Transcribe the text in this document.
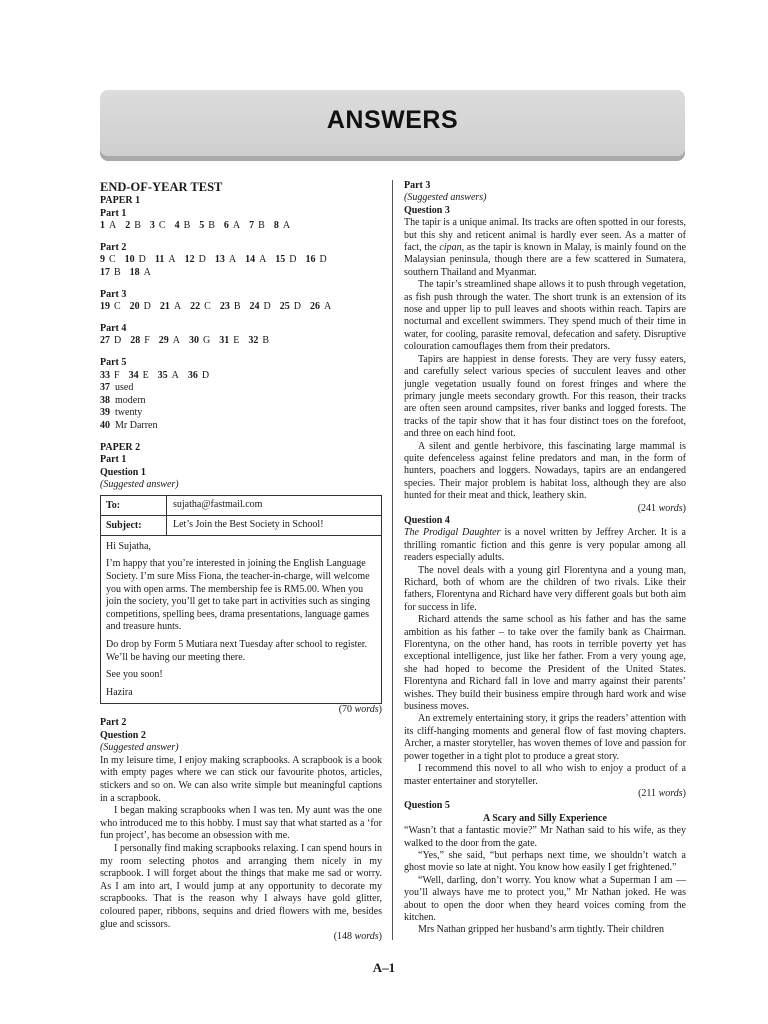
ANSWERS
END-OF-YEAR TEST
PAPER 1
Part 1
1 A 2 B 3 C 4 B 5 B 6 A 7 B 8 A
Part 2
9 C 10 D 11 A 12 D 13 A 14 A 15 D 16 D
17 B 18 A
Part 3
19 C 20 D 21 A 22 C 23 B 24 D 25 D 26 A
Part 4
27 D 28 F 29 A 30 G 31 E 32 B
Part 5
33 F 34 E 35 A 36 D
37 used
38 modern
39 twenty
40 Mr Darren
PAPER 2
Part 1
Question 1
(Suggested answer)
To:	sujatha@fastmail.com
Subject:	Let’s Join the Best Society in School!

Hi Sujatha,

I’m happy that you’re interested in joining the English Language Society. I’m sure Miss Fiona, the teacher-in-charge, will welcome you with open arms. The membership fee is RM5.00. When you join the society, you’ll get to take part in activities such as singing competitions, spelling bees, drama presentations, language games and treasure hunts.

Do drop by Form 5 Mutiara next Tuesday after school to register. We’ll be having our meeting there.

See you soon!

Hazira

(70 words)
Part 2
Question 2
(Suggested answer)

In my leisure time, I enjoy making scrapbooks. A scrapbook is a book with empty pages where we can stick our favourite photos, articles, stickers and so on. We can also write simple but meaningful captions in a scrapbook.

I began making scrapbooks when I was ten. My aunt was the one who introduced me to this hobby. I must say that what started as a ‘for fun project’, has become an obsession with me.

I personally find making scrapbooks relaxing. I can spend hours in my room selecting photos and arranging them nicely in my scrapbook. I will forget about the things that make me sad or worry. As I am into art, I would jump at any opportunity to decorate my scrapbooks. That is the reason why I always have gold glitter, coloured paper, ribbons, sequins and dried flowers with me, besides glue and scissors.

(148 words)
Part 3
(Suggested answers)
Question 3

The tapir is a unique animal. Its tracks are often spotted in our forests, but this shy and reticent animal is hardly ever seen. As a matter of fact, the cipan, as the tapir is known in Malay, is mainly found on the Malaysian peninsula, though there are a few scattered in Sumatera, southern Thailand and Myanmar.

The tapir’s streamlined shape allows it to push through vegetation, as fish push through the water. The short trunk is an extension of its nose and upper lip to pull leaves and shoots within reach. Tapirs are nocturnal and excellent swimmers. They spend much of their time in water, for cooling, parasite removal, defecation and safety. Disruptive colouration camouflages them from their predators.

Tapirs are happiest in dense forests. They are very fussy eaters, and carefully select various species of succulent leaves and other jungle vegetation usually found on forest fringes and where the primary jungle meets secondary growth. For this reason, their tracks are often seen around campsites, river banks and logged forests. The tracks of the tapir show that it has four distinct toes on the forefoot, and three on each hind foot.

A silent and gentle herbivore, this fascinating large mammal is quite defenceless against feline predators and man, in the form of hunters, poachers and loggers. Nowadays, tapirs are an endangered species. Their major problem is habitat loss, although they are also hunted for their meat and thick, leathery skin.

(241 words)
Question 4

The Prodigal Daughter is a novel written by Jeffrey Archer. It is a thrilling romantic fiction and this genre is very popular among all readers especially adults.

The novel deals with a young girl Florentyna and a young man, Richard, both of whom are the children of two rivals. Like their fathers, Florentyna and Richard have very different goals but both aim for success in life.

Richard attends the same school as his father and has the same ambition as his father – to take over the family bank as Chairman. Florentyna, on the other hand, has roots in terrible poverty yet has exceptional intelligence, just like her father. From a very young age, she had hoped to become the President of the United States. Florentyna and Richard fall in love and marry against their parents’ wishes. They build their business empire through hard work and wise business moves.

An extremely entertaining story, it grips the readers’ attention with its cliff-hanging moments and general flow of fast moving chapters. Archer, a master storyteller, has woven themes of love and passion for power together in a tight plot to produce a great story.

I recommend this novel to all who wish to enjoy a product of a master entertainer and storyteller.

(211 words)
Question 5
A Scary and Silly Experience

“Wasn’t that a fantastic movie?” Mr Nathan said to his wife, as they walked to the door from the gate.

“Yes,” she said, “but perhaps next time, we shouldn’t watch a ghost movie so late at night. You know how easily I get frightened.”

“Well, darling, don’t worry. You know what a Superman I am — you’ll always have me to protect you,” Mr Nathan joked. He was about to open the door when they heard voices coming from the kitchen.

Mrs Nathan gripped her husband’s arm tightly. Their children

A–1
